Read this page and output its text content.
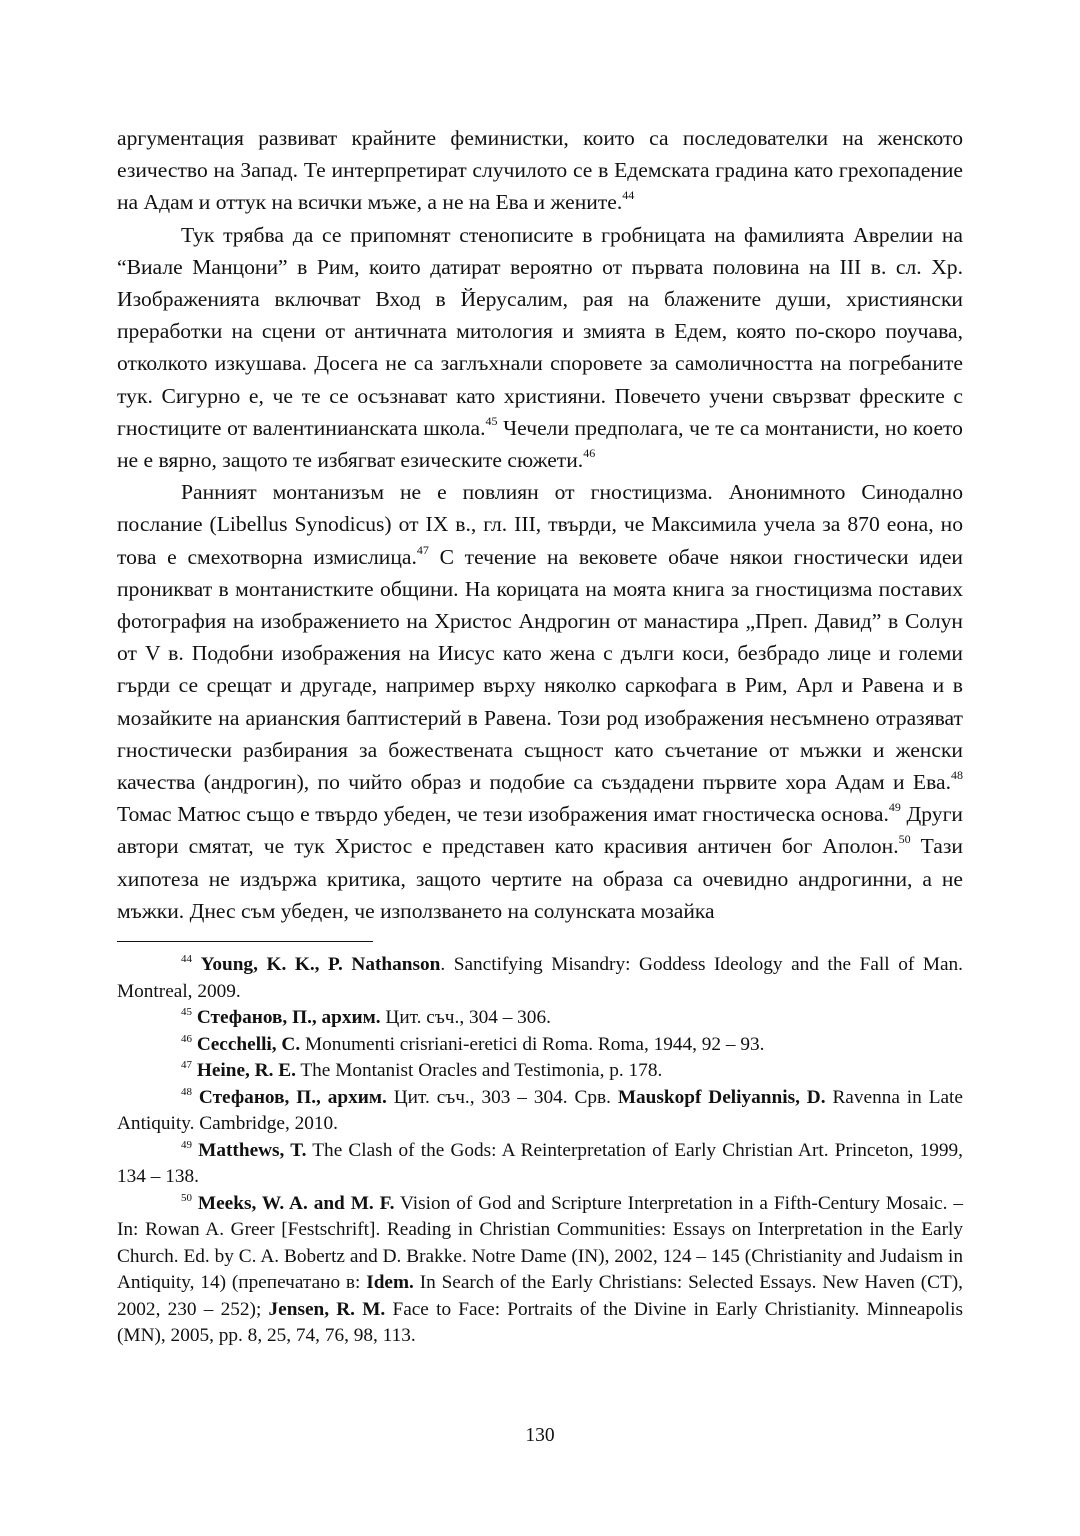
аргументация развиват крайните феминистки, които са последователки на женското езичество на Запад. Те интерпретират случилото се в Едемската градина като грехопадение на Адам и оттук на всички мъже, а не на Ева и жените.$^{44}$

Тук трябва да се припомнят стенописите в гробницата на фамилията Аврелии на “Виале Манцони” в Рим, които датират вероятно от първата половина на III в. сл. Хр. Изображенията включват Вход в Йерусалим, рая на блажените души, християнски преработки на сцени от античната митология и змията в Едем, която по-скоро поучава, отколкото изкушава. Досега не са заглъхнали споровете за самоличността на погребаните тук. Сигурно е, че те се осъзнават като християни. Повечето учени свързват фреските с гностиците от валентинианската школа.$^{45}$ Чечели предполага, че те са монтанисти, но което не е вярно, защото те избягват езическите сюжети.$^{46}$

Ранният монтанизъм не е повлиян от гностицизма. Анонимното Синодално послание (Libellus Synodicus) от IX в., гл. III, твърди, че Максимила учела за 870 еона, но това е смехотворна измислица.$^{47}$ С течение на вековете обаче някои гностически идеи проникват в монтанистките общини. На корицата на моята книга за гностицизма поставих фотография на изображението на Христос Андрогин от манастира „Преп. Давид” в Солун от V в. Подобни изображения на Иисус като жена с дълги коси, безбрадо лице и големи гърди се срещат и другаде, например върху няколко саркофага в Рим, Арл и Равена и в мозайките на арианския баптистерий в Равена. Този род изображения несъмнено отразяват гностически разбирания за божествената същност като съчетание от мъжки и женски качества (андрогин), по чийто образ и подобие са създадени първите хора Адам и Ева.$^{48}$ Томас Матюс също е твърдо убеден, че тези изображения имат гностическа основа.$^{49}$ Други автори смятат, че тук Христос е представен като красивия античен бог Аполон.$^{50}$ Тази хипотеза не издържа критика, защото чертите на образа са очевидно андрогинни, а не мъжки. Днес съм убеден, че използването на солунската мозайка

$^{44}$ Young, K. K., P. Nathanson. Sanctifying Misandry: Goddess Ideology and the Fall of Man. Montreal, 2009.

$^{45}$ Стефанов, П., архим. Цит. съч., 304 – 306.

$^{46}$ Cecchelli, C. Monumenti crisriani-eretici di Roma. Roma, 1944, 92 – 93.

$^{47}$ Heine, R. E. The Montanist Oracles and Testimonia, p. 178.

$^{48}$ Стефанов, П., архим. Цит. съч., 303 – 304. Срв. Mauskopf Deliyannis, D. Ravenna in Late Antiquity. Cambridge, 2010.

$^{49}$ Matthews, T. The Clash of the Gods: A Reinterpretation of Early Christian Art. Princeton, 1999, 134 – 138.

$^{50}$ Meeks, W. A. and M. F. Vision of God and Scripture Interpretation in a Fifth-Century Mosaic. – In: Rowan A. Greer [Festschrift]. Reading in Christian Communities: Essays on Interpretation in the Early Church. Ed. by C. A. Bobertz and D. Brakke. Notre Dame (IN), 2002, 124 – 145 (Christianity and Judaism in Antiquity, 14) (препечатано в: Idem. In Search of the Early Christians: Selected Essays. New Haven (CT), 2002, 230 – 252); Jensen, R. M. Face to Face: Portraits of the Divine in Early Christianity. Minneapolis (MN), 2005, pp. 8, 25, 74, 76, 98, 113.

130
